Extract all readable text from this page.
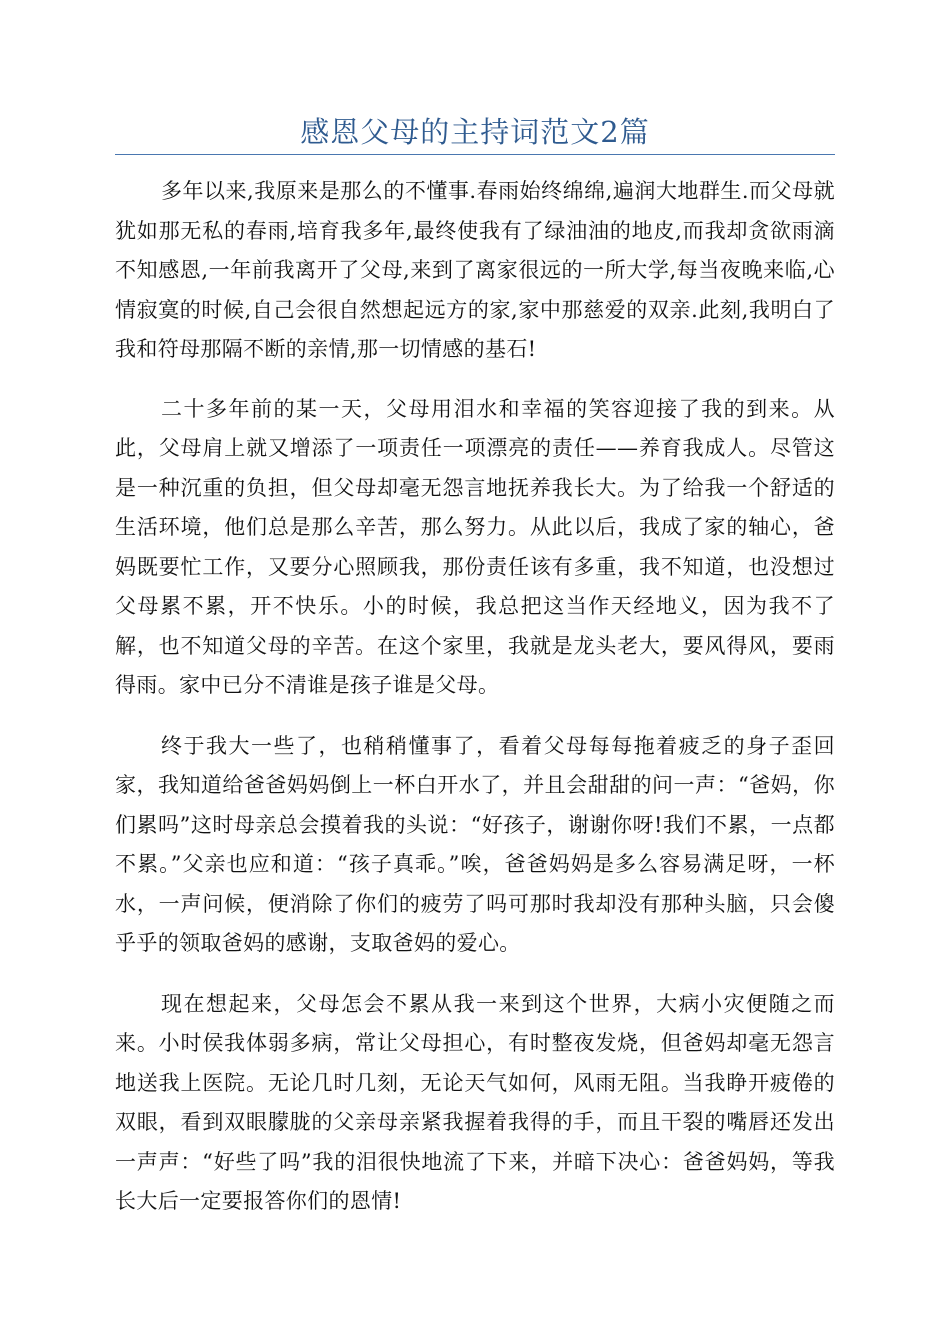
感恩父母的主持词范文2篇

多年以来,我原来是那么的不懂事.春雨始终绵绵,遍润大地群生.而父母就犹如那无私的春雨,培育我多年,最终使我有了绿油油的地皮,而我却贪欲雨滴不知感恩,一年前我离开了父母,来到了离家很远的一所大学,每当夜晚来临,心情寂寞的时候,自己会很自然想起远方的家,家中那慈爱的双亲.此刻,我明白了我和符母那隔不断的亲情,那一切情感的基石!

二十多年前的某一天，父母用泪水和幸福的笑容迎接了我的到来。从此，父母肩上就又增添了一项责任一项漂亮的责任——养育我成人。尽管这是一种沉重的负担，但父母却毫无怨言地抚养我长大。为了给我一个舒适的生活环境，他们总是那么辛苦，那么努力。从此以后，我成了家的轴心，爸妈既要忙工作，又要分心照顾我，那份责任该有多重，我不知道，也没想过父母累不累，开不快乐。小的时候，我总把这当作天经地义，因为我不了解，也不知道父母的辛苦。在这个家里，我就是龙头老大，要风得风，要雨得雨。家中已分不清谁是孩子谁是父母。

终于我大一些了，也稍稍懂事了，看着父母每每拖着疲乏的身子歪回家，我知道给爸爸妈妈倒上一杯白开水了，并且会甜甜的问一声：“爸妈，你们累吗”这时母亲总会摸着我的头说：“好孩子，谢谢你呀!我们不累，一点都不累。”父亲也应和道：“孩子真乖。”唉，爸爸妈妈是多么容易满足呀，一杯水，一声问候，便消除了你们的疲劳了吗可那时我却没有那种头脑，只会傻乎乎的领取爸妈的感谢，支取爸妈的爱心。

现在想起来，父母怎会不累从我一来到这个世界，大病小灾便随之而来。小时侯我体弱多病，常让父母担心，有时整夜发烧，但爸妈却毫无怨言地送我上医院。无论几时几刻，无论天气如何，风雨无阻。当我睁开疲倦的双眼，看到双眼朦胧的父亲母亲紧我握着我得的手，而且干裂的嘴唇还发出一声声：“好些了吗”我的泪很快地流了下来，并暗下决心：爸爸妈妈，等我长大后一定要报答你们的恩情!
